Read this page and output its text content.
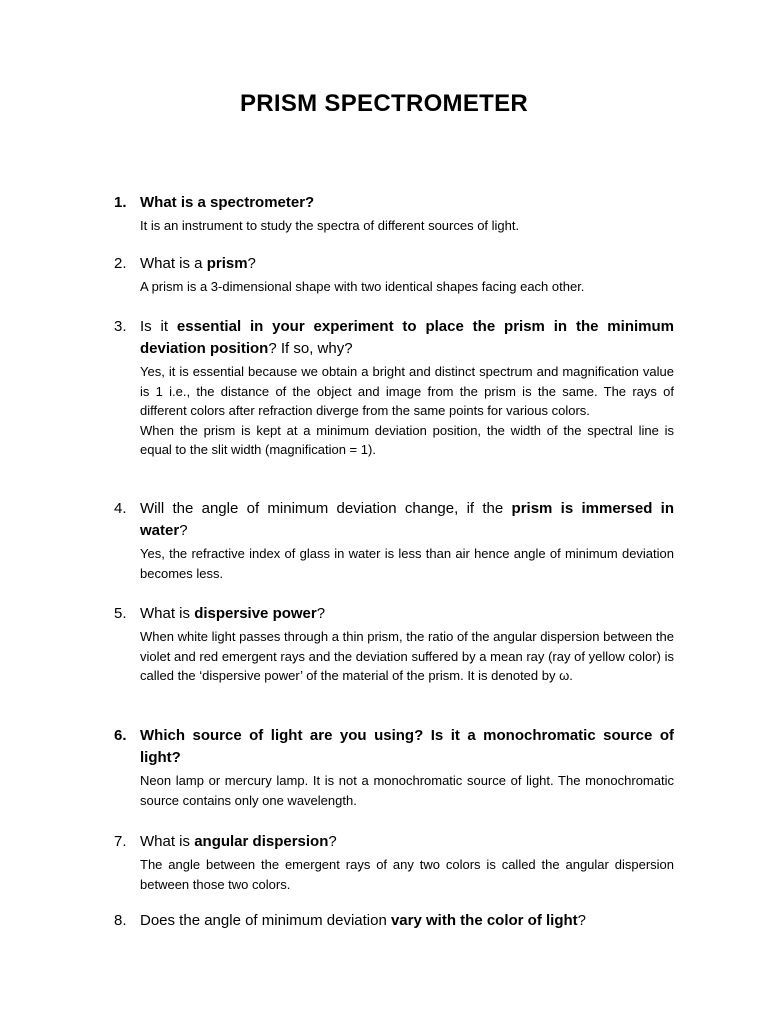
PRISM SPECTROMETER
1. What is a spectrometer?

It is an instrument to study the spectra of different sources of light.

2. What is a prism?

A prism is a 3-dimensional shape with two identical shapes facing each other.

3. Is it essential in your experiment to place the prism in the minimum deviation position? If so, why?

Yes, it is essential because we obtain a bright and distinct spectrum and magnification value is 1 i.e., the distance of the object and image from the prism is the same. The rays of different colors after refraction diverge from the same points for various colors.

When the prism is kept at a minimum deviation position, the width of the spectral line is equal to the slit width (magnification = 1).

4. Will the angle of minimum deviation change, if the prism is immersed in water?

Yes, the refractive index of glass in water is less than air hence angle of minimum deviation becomes less.

5. What is dispersive power?

When white light passes through a thin prism, the ratio of the angular dispersion between the violet and red emergent rays and the deviation suffered by a mean ray (ray of yellow color) is called the ‘dispersive power’ of the material of the prism. It is denoted by ω.

6. Which source of light are you using? Is it a monochromatic source of light?

Neon lamp or mercury lamp. It is not a monochromatic source of light. The monochromatic source contains only one wavelength.

7. What is angular dispersion?

The angle between the emergent rays of any two colors is called the angular dispersion between those two colors.

8. Does the angle of minimum deviation vary with the color of light?
